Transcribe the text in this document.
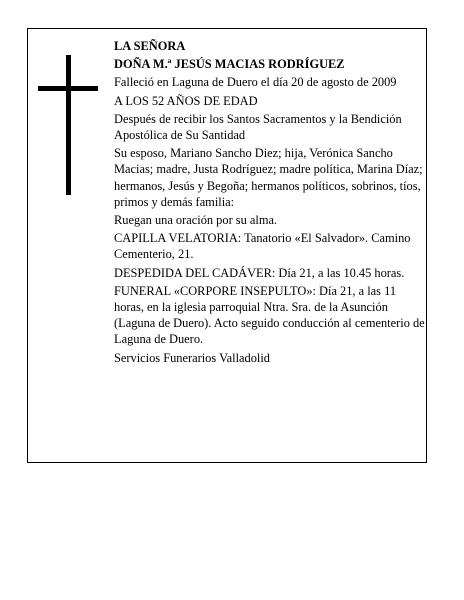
LA SEÑORA

DOÑA M.ª JESÚS MACIAS RODRÍGUEZ

Falleció en Laguna de Duero el día 20 de agosto de 2009

A LOS 52 AÑOS DE EDAD

Después de recibir los Santos Sacramentos y la Bendición Apostólica de Su Santidad

Su esposo, Mariano Sancho Diez; hija, Verónica Sancho Macias; madre, Justa Rodríguez; madre política, Marina Díaz; hermanos, Jesús y Begoña; hermanos políticos, sobrinos, tíos, primos y demás familia:

Ruegan una oración por su alma.

CAPILLA VELATORIA: Tanatorio «El Salvador». Camino Cementerio, 21.

DESPEDIDA DEL CADÁVER: Día 21, a las 10.45 horas.

FUNERAL «CORPORE INSEPULTO»: Día 21, a las 11 horas, en la iglesia parroquial Ntra. Sra. de la Asunción (Laguna de Duero). Acto seguido conducción al cementerio de Laguna de Duero.

Servicios Funerarios Valladolid
